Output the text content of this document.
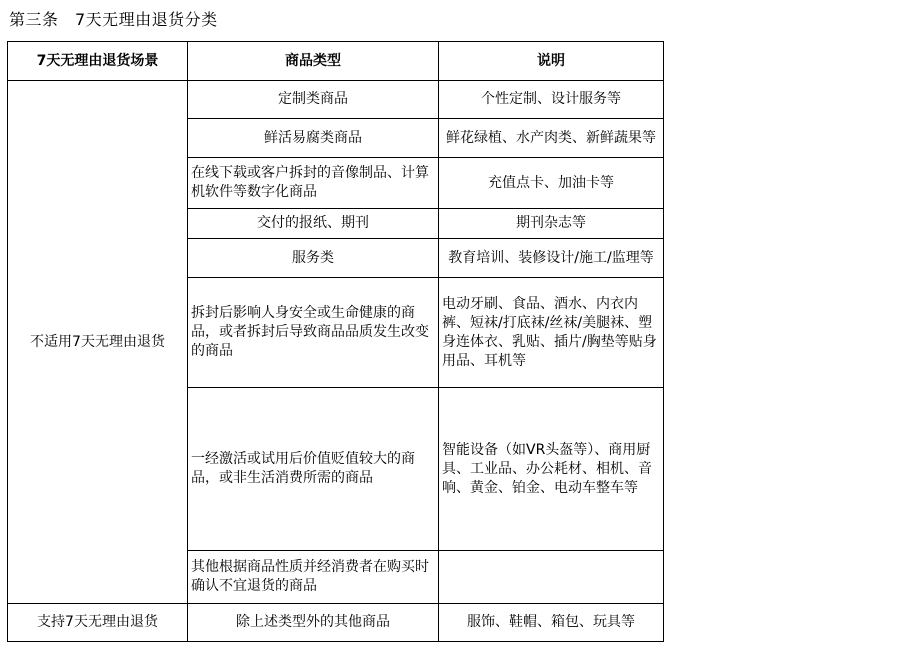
第三条　7天无理由退货分类
7天无理由退货场景	商品类型	说明
不适用7天无理由退货	定制类商品	个性定制、设计服务等
	鲜活易腐类商品	鲜花绿植、水产肉类、新鲜蔬果等
	在线下载或客户拆封的音像制品、计算机软件等数字化商品	充值点卡、加油卡等
	交付的报纸、期刊	期刊杂志等
	服务类	教育培训、装修设计/施工/监理等
	拆封后影响人身安全或生命健康的商品，或者拆封后导致商品品质发生改变的商品	电动牙刷、食品、酒水、内衣内裤、短袜/打底袜/丝袜/美腿袜、塑身连体衣、乳贴、插片/胸垫等贴身用品、耳机等
	一经激活或试用后价值贬值较大的商品，或非生活消费所需的商品	智能设备（如VR头盔等）、商用厨具、工业品、办公耗材、相机、音响、黄金、铂金、电动车整车等
	其他根据商品性质并经消费者在购买时确认不宜退货的商品	
支持7天无理由退货	除上述类型外的其他商品	服饰、鞋帽、箱包、玩具等
